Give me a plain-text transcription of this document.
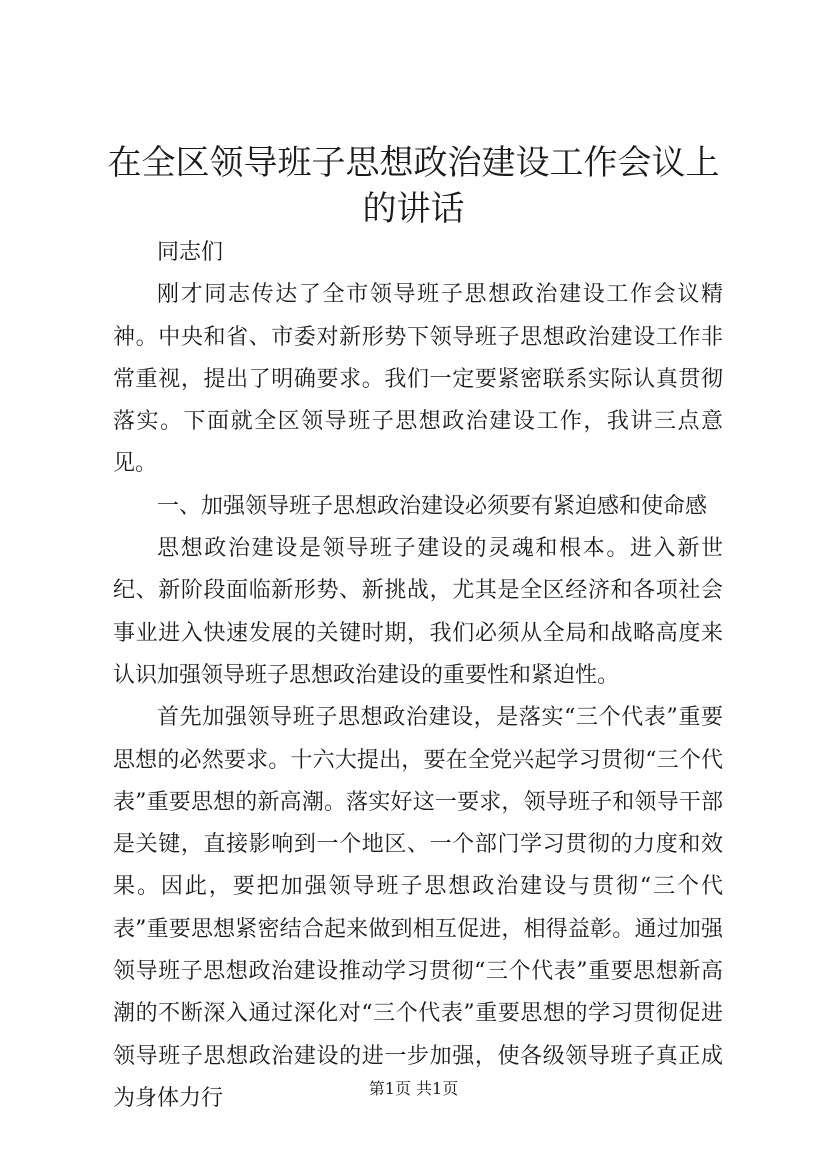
在全区领导班子思想政治建设工作会议上的讲话

同志们

刚才同志传达了全市领导班子思想政治建设工作会议精神。中央和省、市委对新形势下领导班子思想政治建设工作非常重视，提出了明确要求。我们一定要紧密联系实际认真贯彻落实。下面就全区领导班子思想政治建设工作，我讲三点意见。

一、加强领导班子思想政治建设必须要有紧迫感和使命感

思想政治建设是领导班子建设的灵魂和根本。进入新世纪、新阶段面临新形势、新挑战，尤其是全区经济和各项社会事业进入快速发展的关键时期，我们必须从全局和战略高度来认识加强领导班子思想政治建设的重要性和紧迫性。

首先加强领导班子思想政治建设，是落实“三个代表”重要思想的必然要求。十六大提出，要在全党兴起学习贯彻“三个代表”重要思想的新高潮。落实好这一要求，领导班子和领导干部是关键，直接影响到一个地区、一个部门学习贯彻的力度和效果。因此，要把加强领导班子思想政治建设与贯彻“三个代表”重要思想紧密结合起来做到相互促进，相得益彰。通过加强领导班子思想政治建设推动学习贯彻“三个代表”重要思想新高潮的不断深入通过深化对“三个代表”重要思想的学习贯彻促进领导班子思想政治建设的进一步加强，使各级领导班子真正成为身体力行	第1页 共1页
